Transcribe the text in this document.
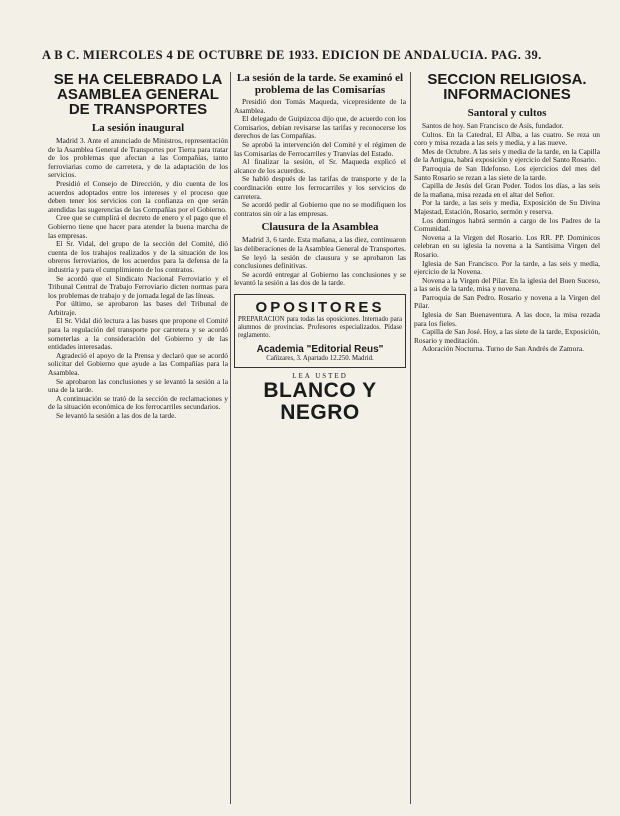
A B C. MIERCOLES 4 DE OCTUBRE DE 1933. EDICION DE ANDALUCIA. PAG. 39.
SE HA CELEBRADO LA ASAMBLEA GENERAL DE TRANSPORTES
La sesión inaugural

Madrid 3. Ante el anunciado de Ministros, representación de la Asamblea General de Transportes por Tierra para tratar de los problemas que afectan a las Compañías, tanto ferroviarias como de carretera, y de la adaptación de los servicios.

Presidió el Consejo de Dirección, y dio cuenta de los acuerdos adoptados entre los intereses y el proceso que deben tener los servicios con la confianza en que serán atendidas las sugerencias de las Compañías por el Gobierno.

Cree que se cumplirá el decreto de enero y el pago que el Gobierno tiene que hacer para atender la buena marcha de las empresas.

El Sr. Vidal, del grupo de la sección del Comité, dió cuenta de los trabajos realizados y de la situación de los obreros ferroviarios, de los acuerdos para la defensa de la industria y para el cumplimiento de los contratos.

Se acordó que el Sindicato Nacional Ferroviario y el Tribunal Central de Trabajo Ferroviario dicten normas para los problemas de trabajo y de jornada legal de las líneas.

Por último, se aprobaron las bases del Tribunal de Arbitraje.

El Sr. Vidal dió lectura a las bases que propone el Comité para la regulación del transporte por carretera y se acordó someterlas a la consideración del Gobierno y de las entidades interesadas.

Agradeció el apoyo de la Prensa y declaró que se acordó solicitar del Gobierno que ayude a las Compañías para la Asamblea.

Se aprobaron las conclusiones y se levantó la sesión a la una de la tarde.

A continuación se trató de la sección de reclamaciones y de la situación económica de los ferrocarriles secundarios.

Se levantó la sesión a las dos de la tarde.

La sesión de la tarde. Se examinó el problema de las Comisarías

Presidió don Tomás Maqueda, vicepresidente de la Asamblea.

El delegado de Guipúzcoa dijo que, de acuerdo con los Comisarios, debían revisarse las tarifas y reconocerse los derechos de las Compañías.

Se aprobó la intervención del Comité y el régimen de las Comisarías de Ferrocarriles y Tranvías del Estado.

Al finalizar la sesión, el Sr. Maqueda explicó el alcance de los acuerdos.

Se habló después de las tarifas de transporte y de la coordinación entre los ferrocarriles y los servicios de carretera.

Se acordó pedir al Gobierno que no se modifiquen los contratos sin oír a las empresas.

Clausura de la Asamblea

Madrid 3, 6 tarde. Esta mañana, a las diez, continuaron las deliberaciones de la Asamblea General de Transportes.

Se leyó la sesión de clausura y se aprobaron las conclusiones definitivas.

Se acordó entregar al Gobierno las conclusiones y se levantó la sesión a las dos de la tarde.

OPOSITORES
PREPARACION para todas las oposiciones. Internado para alumnos de provincias. Profesores especializados. Pídase reglamento.
Academia "Editorial Reus"
Cañizares, 3. Apartado 12.250. Madrid.
LEA USTED
BLANCO Y NEGRO
SECCION RELIGIOSA. INFORMACIONES
Santoral y cultos

Santos de hoy. San Francisco de Asís, fundador.

Cultos. En la Catedral, El Alba, a las cuatro. Se reza un coro y misa rezada a las seis y media, y a las nueve.

Mes de Octubre. A las seis y media de la tarde, en la Capilla de la Antigua, habrá exposición y ejercicio del Santo Rosario.

Parroquia de San Ildefonso. Los ejercicios del mes del Santo Rosario se rezan a las siete de la tarde.

Capilla de Jesús del Gran Poder. Todos los días, a las seis de la mañana, misa rezada en el altar del Señor.

Por la tarde, a las seis y media, Exposición de Su Divina Majestad, Estación, Rosario, sermón y reserva.

Los domingos habrá sermón a cargo de los Padres de la Comunidad.

Novena a la Virgen del Rosario. Los RR. PP. Dominicos celebran en su iglesia la novena a la Santísima Virgen del Rosario.

Iglesia de San Francisco. Por la tarde, a las seis y media, ejercicio de la Novena.

Novena a la Virgen del Pilar. En la iglesia del Buen Suceso, a las seis de la tarde, misa y novena.

Parroquia de San Pedro. Rosario y novena a la Virgen del Pilar.

Iglesia de San Buenaventura. A las doce, la misa rezada para los fieles.

Capilla de San José. Hoy, a las siete de la tarde, Exposición, Rosario y meditación.

Adoración Nocturna. Turno de San Andrés de Zamora.
